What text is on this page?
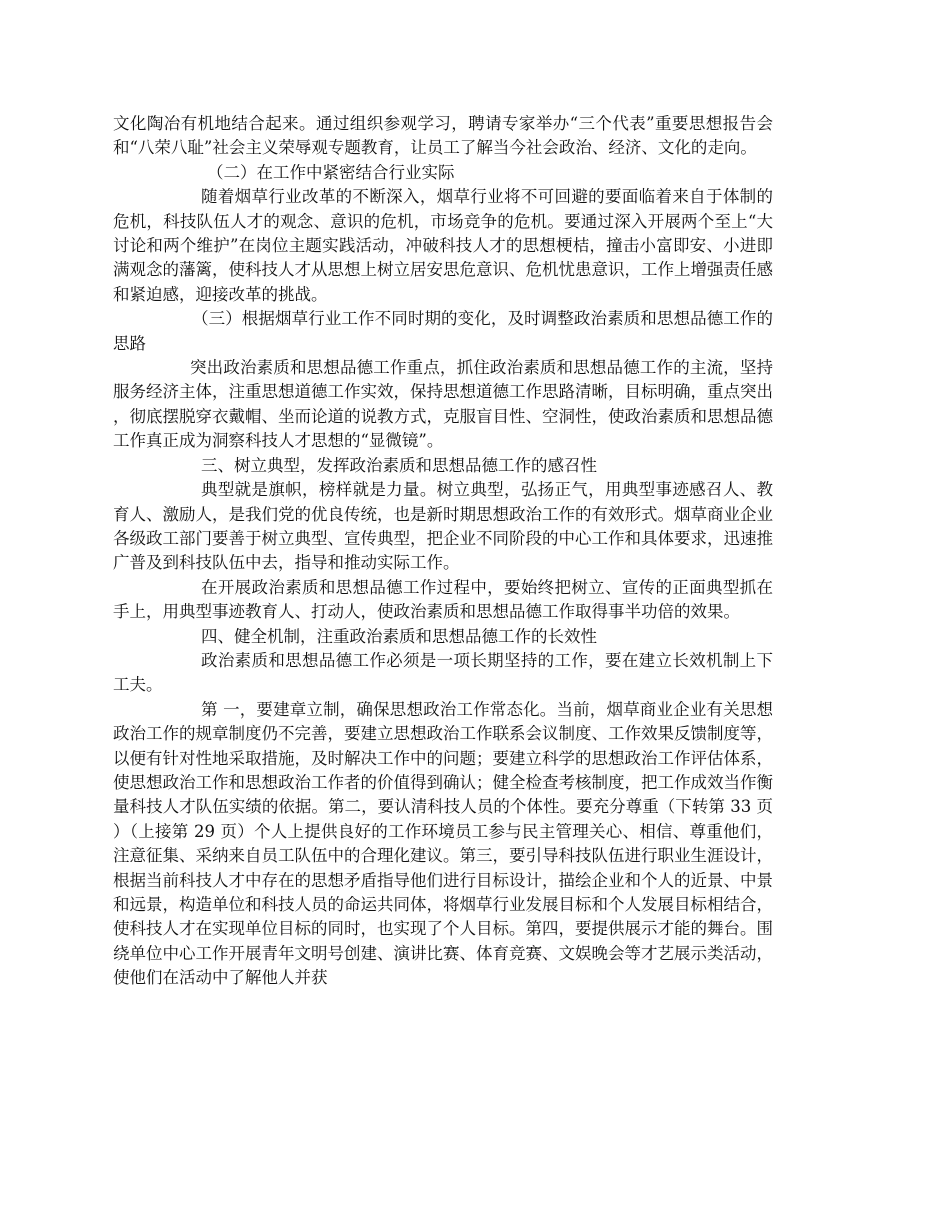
文化陶冶有机地结合起来。通过组织参观学习，聘请专家举办“三个代表”重要思想报告会和“八荣八耻”社会主义荣辱观专题教育，让员工了解当今社会政治、经济、文化的走向。

（二）在工作中紧密结合行业实际

随着烟草行业改革的不断深入，烟草行业将不可回避的要面临着来自于体制的危机，科技队伍人才的观念、意识的危机，市场竞争的危机。要通过深入开展两个至上“大讨论和两个维护”在岗位主题实践活动，冲破科技人才的思想梗桔，撞击小富即安、小进即满观念的藩篱，使科技人才从思想上树立居安思危意识、危机忧患意识，工作上增强责任感和紧迫感，迎接改革的挑战。

（三）根据烟草行业工作不同时期的变化，及时调整政治素质和思想品德工作的思路

突出政治素质和思想品德工作重点，抓住政治素质和思想品德工作的主流，坚持服务经济主体，注重思想道德工作实效，保持思想道德工作思路清晰，目标明确，重点突出，彻底摆脱穿衣戴帽、坐而论道的说教方式，克服盲目性、空洞性，使政治素质和思想品德工作真正成为洞察科技人才思想的“显微镜”。

三、树立典型，发挥政治素质和思想品德工作的感召性

典型就是旗帜，榜样就是力量。树立典型，弘扬正气，用典型事迹感召人、教育人、激励人，是我们党的优良传统，也是新时期思想政治工作的有效形式。烟草商业企业各级政工部门要善于树立典型、宣传典型，把企业不同阶段的中心工作和具体要求，迅速推广普及到科技队伍中去，指导和推动实际工作。

在开展政治素质和思想品德工作过程中，要始终把树立、宣传的正面典型抓在手上，用典型事迹教育人、打动人，使政治素质和思想品德工作取得事半功倍的效果。

四、健全机制，注重政治素质和思想品德工作的长效性

政治素质和思想品德工作必须是一项长期坚持的工作，要在建立长效机制上下工夫。

第 一，要建章立制，确保思想政治工作常态化。当前，烟草商业企业有关思想政治工作的规章制度仍不完善，要建立思想政治工作联系会议制度、工作效果反馈制度等，以便有针对性地采取措施，及时解决工作中的问题；要建立科学的思想政治工作评估体系，使思想政治工作和思想政治工作者的价值得到确认；健全检查考核制度，把工作成效当作衡量科技人才队伍实绩的依据。第二，要认清科技人员的个体性。要充分尊重（下转第 33 页）（上接第 29 页）个人上提供良好的工作环境员工参与民主管理关心、相信、尊重他们，注意征集、采纳来自员工队伍中的合理化建议。第三，要引导科技队伍进行职业生涯设计，根据当前科技人才中存在的思想矛盾指导他们进行目标设计，描绘企业和个人的近景、中景和远景，构造单位和科技人员的命运共同体，将烟草行业发展目标和个人发展目标相结合，使科技人才在实现单位目标的同时，也实现了个人目标。第四，要提供展示才能的舞台。围绕单位中心工作开展青年文明号创建、演讲比赛、体育竞赛、文娱晚会等才艺展示类活动，使他们在活动中了解他人并获
